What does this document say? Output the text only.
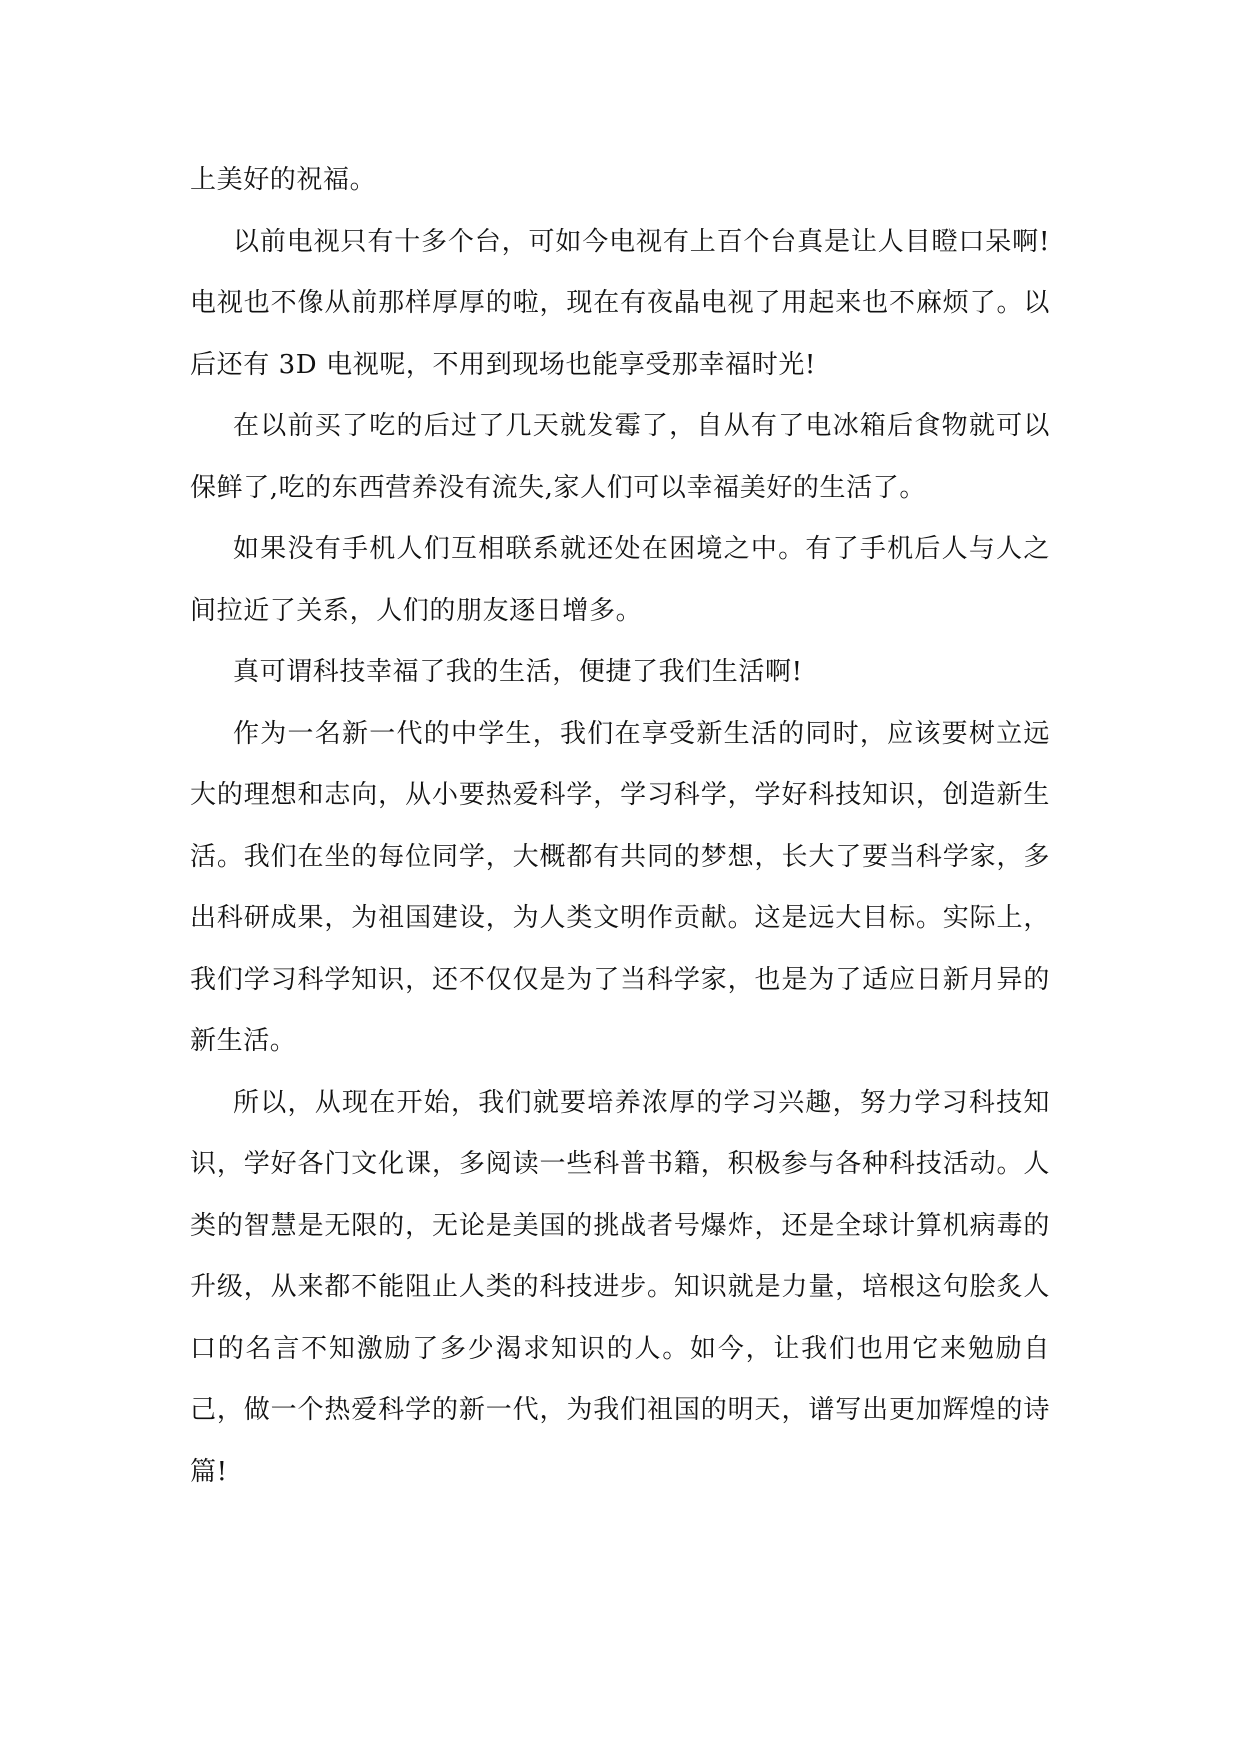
上美好的祝福。

以前电视只有十多个台，可如今电视有上百个台真是让人目瞪口呆啊!电视也不像从前那样厚厚的啦，现在有夜晶电视了用起来也不麻烦了。以后还有 3D 电视呢，不用到现场也能享受那幸福时光!

在以前买了吃的后过了几天就发霉了，自从有了电冰箱后食物就可以保鲜了,吃的东西营养没有流失,家人们可以幸福美好的生活了。

如果没有手机人们互相联系就还处在困境之中。有了手机后人与人之间拉近了关系，人们的朋友逐日增多。

真可谓科技幸福了我的生活，便捷了我们生活啊!

作为一名新一代的中学生，我们在享受新生活的同时，应该要树立远大的理想和志向，从小要热爱科学，学习科学，学好科技知识，创造新生活。我们在坐的每位同学，大概都有共同的梦想，长大了要当科学家，多出科研成果，为祖国建设，为人类文明作贡献。这是远大目标。实际上，我们学习科学知识，还不仅仅是为了当科学家，也是为了适应日新月异的新生活。

所以，从现在开始，我们就要培养浓厚的学习兴趣，努力学习科技知识，学好各门文化课，多阅读一些科普书籍，积极参与各种科技活动。人类的智慧是无限的，无论是美国的挑战者号爆炸，还是全球计算机病毒的升级，从来都不能阻止人类的科技进步。知识就是力量，培根这句脍炙人口的名言不知激励了多少渴求知识的人。如今，让我们也用它来勉励自己，做一个热爱科学的新一代，为我们祖国的明天，谱写出更加辉煌的诗篇!
